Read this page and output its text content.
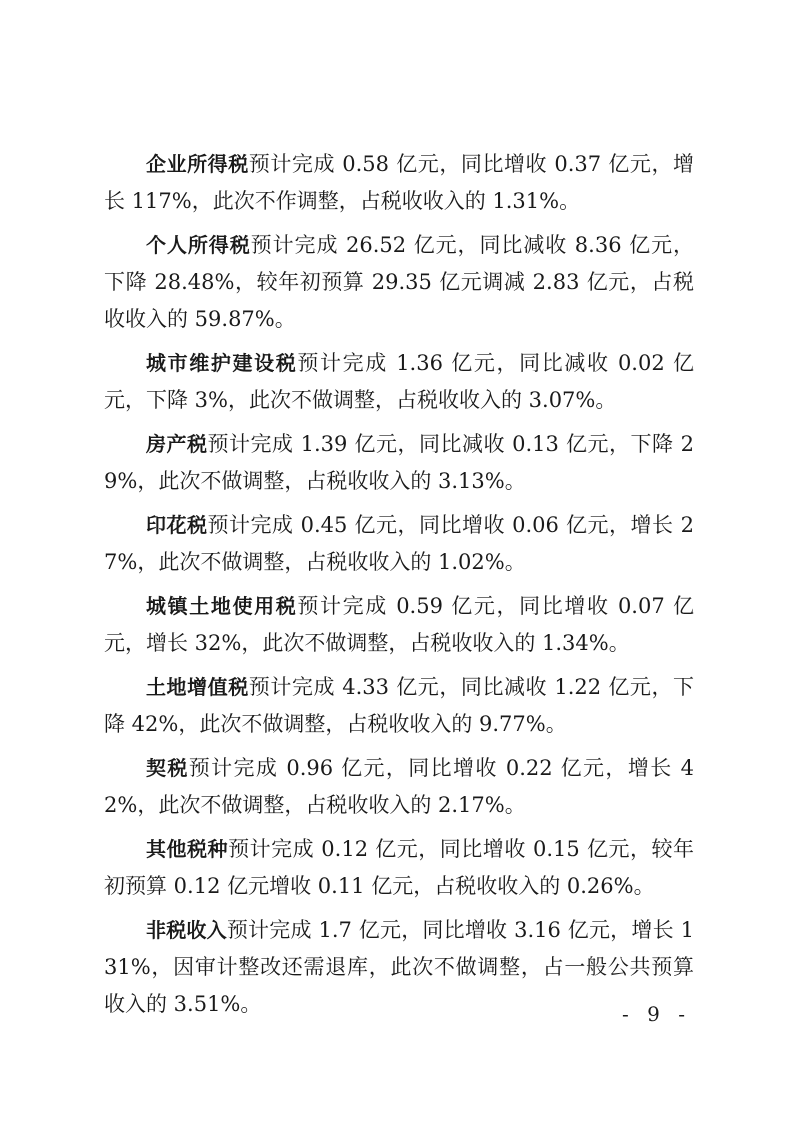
企业所得税预计完成 0.58 亿元，同比增收 0.37 亿元，增长 117%，此次不作调整，占税收收入的 1.31%。

个人所得税预计完成 26.52 亿元，同比减收 8.36 亿元，下降 28.48%，较年初预算 29.35 亿元调减 2.83 亿元，占税收收入的 59.87%。

城市维护建设税预计完成 1.36 亿元，同比减收 0.02 亿元，下降 3%，此次不做调整，占税收收入的 3.07%。

房产税预计完成 1.39 亿元，同比减收 0.13 亿元，下降 29%，此次不做调整，占税收收入的 3.13%。

印花税预计完成 0.45 亿元，同比增收 0.06 亿元，增长 27%，此次不做调整，占税收收入的 1.02%。

城镇土地使用税预计完成 0.59 亿元，同比增收 0.07 亿元，增长 32%，此次不做调整，占税收收入的 1.34%。

土地增值税预计完成 4.33 亿元，同比减收 1.22 亿元，下降 42%，此次不做调整，占税收收入的 9.77%。

契税预计完成 0.96 亿元，同比增收 0.22 亿元，增长 42%，此次不做调整，占税收收入的 2.17%。

其他税种预计完成 0.12 亿元，同比增收 0.15 亿元，较年初预算 0.12 亿元增收 0.11 亿元，占税收收入的 0.26%。

非税收入预计完成 1.7 亿元，同比增收 3.16 亿元，增长 131%，因审计整改还需退库，此次不做调整，占一般公共预算收入的 3.51%。	- 9 -
